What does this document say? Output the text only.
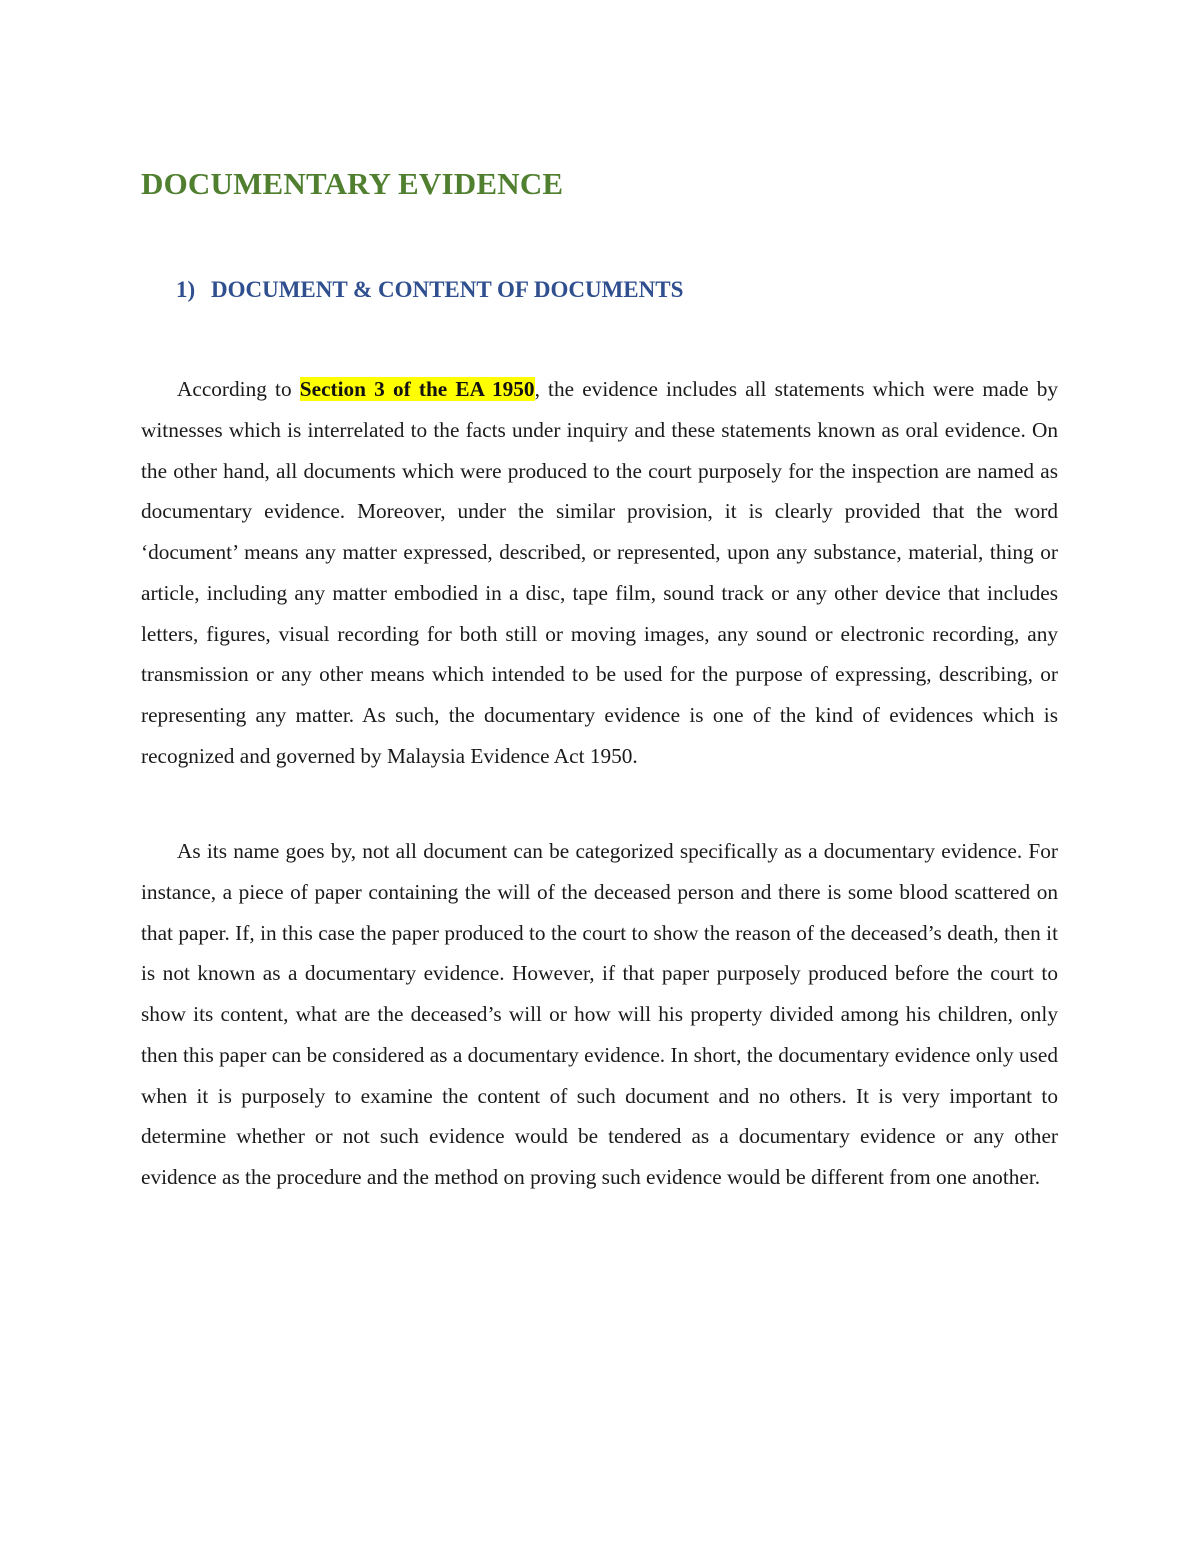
DOCUMENTARY EVIDENCE
1) DOCUMENT & CONTENT OF DOCUMENTS

According to Section 3 of the EA 1950, the evidence includes all statements which were made by witnesses which is interrelated to the facts under inquiry and these statements known as oral evidence. On the other hand, all documents which were produced to the court purposely for the inspection are named as documentary evidence. Moreover, under the similar provision, it is clearly provided that the word ‘document’ means any matter expressed, described, or represented, upon any substance, material, thing or article, including any matter embodied in a disc, tape film, sound track or any other device that includes letters, figures, visual recording for both still or moving images, any sound or electronic recording, any transmission or any other means which intended to be used for the purpose of expressing, describing, or representing any matter. As such, the documentary evidence is one of the kind of evidences which is recognized and governed by Malaysia Evidence Act 1950.

As its name goes by, not all document can be categorized specifically as a documentary evidence. For instance, a piece of paper containing the will of the deceased person and there is some blood scattered on that paper. If, in this case the paper produced to the court to show the reason of the deceased’s death, then it is not known as a documentary evidence. However, if that paper purposely produced before the court to show its content, what are the deceased’s will or how will his property divided among his children, only then this paper can be considered as a documentary evidence. In short, the documentary evidence only used when it is purposely to examine the content of such document and no others. It is very important to determine whether or not such evidence would be tendered as a documentary evidence or any other evidence as the procedure and the method on proving such evidence would be different from one another.
